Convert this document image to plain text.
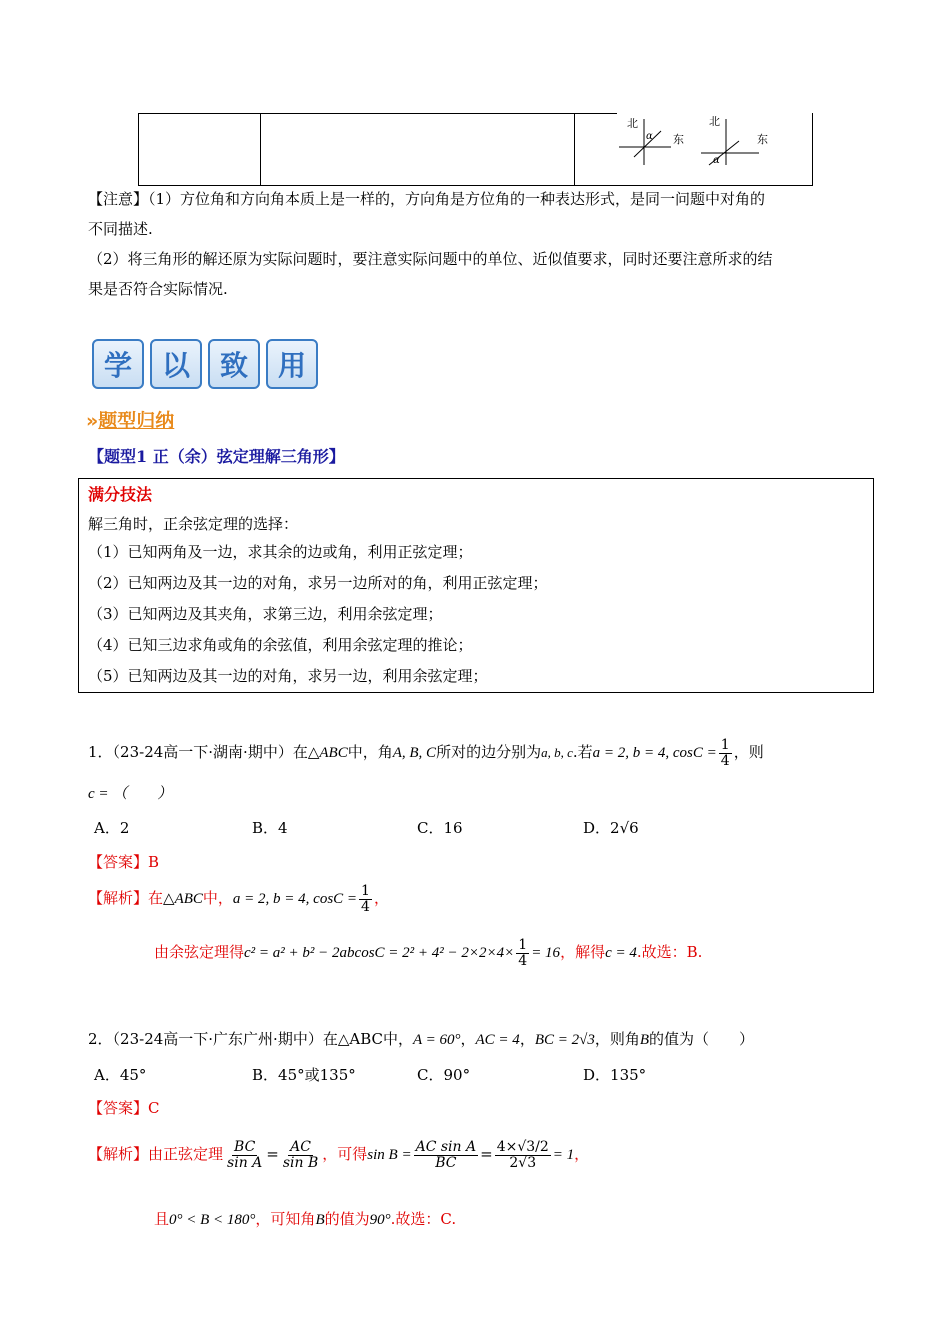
北
东
α
北
东
α
【注意】（1）方位角和方向角本质上是一样的，方向角是方位角的一种表达形式，是同一问题中对角的
不同描述.
（2）将三角形的解还原为实际问题时，要注意实际问题中的单位、近似值要求，同时还要注意所求的结
果是否符合实际情况.
学	以	致	用
»题型归纳
【题型1 正（余）弦定理解三角形】
满分技法
解三角时，正余弦定理的选择：
（1）已知两角及一边，求其余的边或角，利用正弦定理；
（2）已知两边及其一边的对角，求另一边所对的角，利用正弦定理；
（3）已知两边及其夹角，求第三边，利用余弦定理；
（4）已知三边求角或角的余弦值，利用余弦定理的推论；
（5）已知两边及其一边的对角，求另一边，利用余弦定理；
1．（23-24高一下·湖南·期中）在△ABC中，角A, B, C所对的边分别为a, b, c.若a = 2, b = 4, $\cos C = \frac{1}{4}$ ，则
c = （　　）
A．2	B．4	C．16	D．2√6
【答案】B
【解析】在△ABC中，a = 2, b = 4, $\cos C = \frac{1}{4}$ ，
由余弦定理得$c^2 = a^2 + b^2 - 2abcosC = 2^2 + 4^2 - 2\times 2\times 4\times \frac{1}{4} = 16$，解得c = 4.故选：B.
2．（23-24高一下·广东广州·期中）在△ABC中，A = 60°，AC = 4，BC = 2√3，则角B的值为（　　）
A．45°	B．45°或135°	C．90°	D．135°
【答案】C
【解析】由正弦定理 $\frac{BC}{\text{sin A}} = \frac{AC}{\text{sin B}}$ ，可得$\sin B = \frac{\text{AC sin A}}{BC} = \frac{4\times√3/2}{2√3} = 1$，
且0° < B < 180°，可知角B的值为90°.故选：C.
